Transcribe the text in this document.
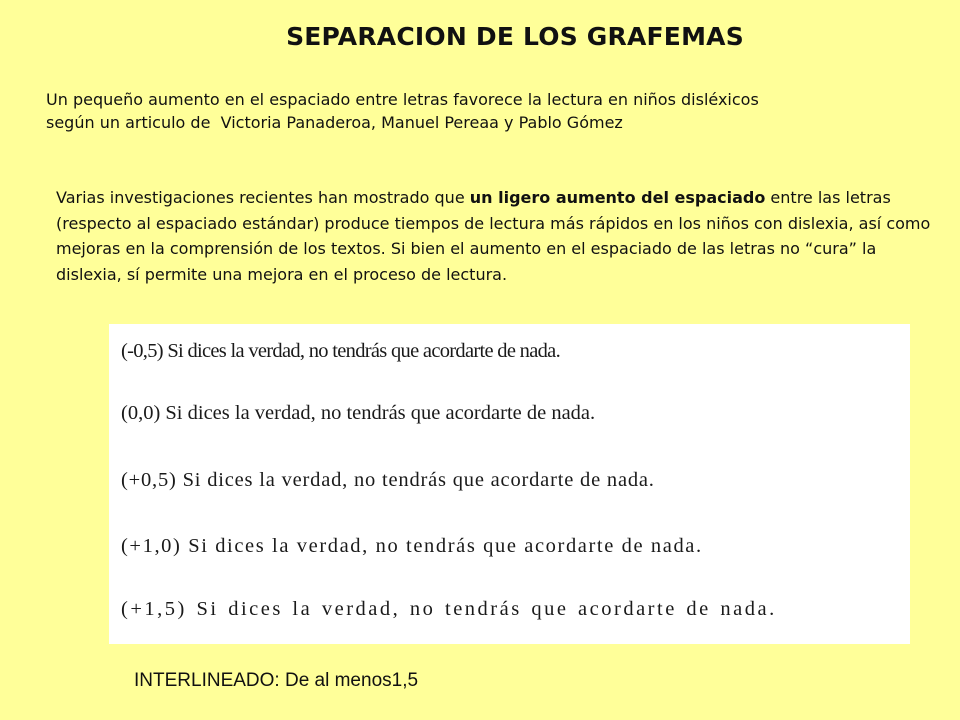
SEPARACION DE LOS GRAFEMAS
Un pequeño aumento en el espaciado entre letras favorece la lectura en niños disléxicos
según un articulo de  Victoria Panaderoa, Manuel Pereaa y Pablo Gómez
Varias investigaciones recientes han mostrado que un ligero aumento del espaciado entre las letras (respecto al espaciado estándar) produce tiempos de lectura más rápidos en los niños con dislexia, así como mejoras en la comprensión de los textos. Si bien el aumento en el espaciado de las letras no “cura” la dislexia, sí permite una mejora en el proceso de lectura.
(-0,5) Si dices la verdad, no tendrás que acordarte de nada.
(0,0) Si dices la verdad, no tendrás que acordarte de nada.
(+0,5) Si dices la verdad, no tendrás que acordarte de nada.
(+1,0) Si dices la verdad, no tendrás que acordarte de nada.
(+1,5) Si dices la verdad, no tendrás que acordarte de nada.
INTERLINEADO: De al menos1,5
